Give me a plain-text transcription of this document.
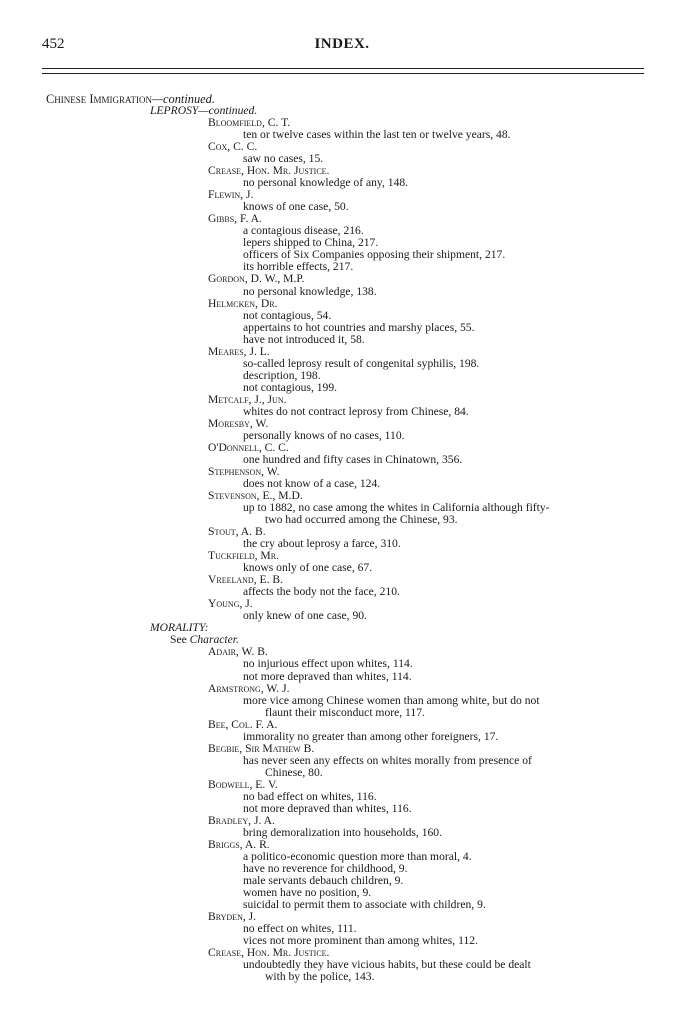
452	INDEX.
Chinese Immigration—continued.
LEPROSY—continued.
Bloomfield, C. T.
ten or twelve cases within the last ten or twelve years, 48.
Cox, C. C.
saw no cases, 15.
Crease, Hon. Mr. Justice.
no personal knowledge of any, 148.
Flewin, J.
knows of one case, 50.
Gibbs, F. A.
a contagious disease, 216.
lepers shipped to China, 217.
officers of Six Companies opposing their shipment, 217.
its horrible effects, 217.
Gordon, D. W., M.P.
no personal knowledge, 138.
Helmcken, Dr.
not contagious, 54.
appertains to hot countries and marshy places, 55.
have not introduced it, 58.
Meares, J. L.
so-called leprosy result of congenital syphilis, 198.
description, 198.
not contagious, 199.
Metcalf, J., Jun.
whites do not contract leprosy from Chinese, 84.
Moresby, W.
personally knows of no cases, 110.
O'Donnell, C. C.
one hundred and fifty cases in Chinatown, 356.
Stephenson, W.
does not know of a case, 124.
Stevenson, E., M.D.
up to 1882, no case among the whites in California although fifty-
two had occurred among the Chinese, 93.
Stout, A. B.
the cry about leprosy a farce, 310.
Tuckfield, Mr.
knows only of one case, 67.
Vreeland, E. B.
affects the body not the face, 210.
Young, J.
only knew of one case, 90.
MORALITY:
See Character.
Adair, W. B.
no injurious effect upon whites, 114.
not more depraved than whites, 114.
Armstrong, W. J.
more vice among Chinese women than among white, but do not
flaunt their misconduct more, 117.
Bee, Col. F. A.
immorality no greater than among other foreigners, 17.
Begbie, Sir Mathew B.
has never seen any effects on whites morally from presence of
Chinese, 80.
Bodwell, E. V.
no bad effect on whites, 116.
not more depraved than whites, 116.
Bradley, J. A.
bring demoralization into households, 160.
Briggs, A. R.
a politico-economic question more than moral, 4.
have no reverence for childhood, 9.
male servants debauch children, 9.
women have no position, 9.
suicidal to permit them to associate with children, 9.
Bryden, J.
no effect on whites, 111.
vices not more prominent than among whites, 112.
Crease, Hon. Mr. Justice.
undoubtedly they have vicious habits, but these could be dealt
with by the police, 143.
